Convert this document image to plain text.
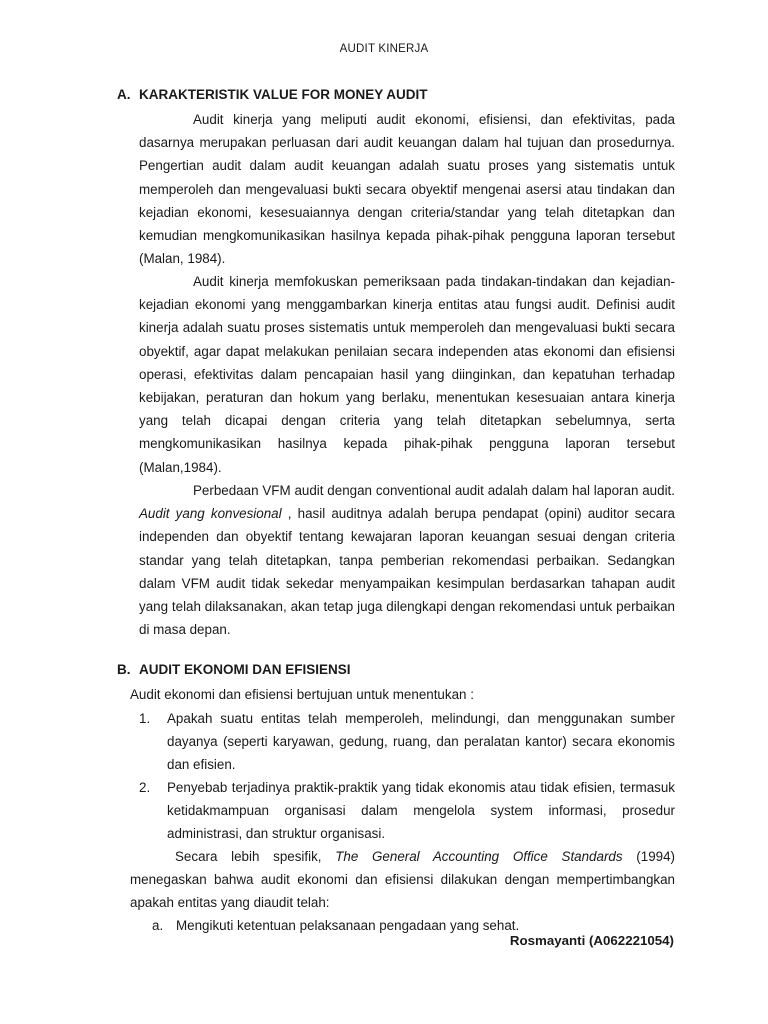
AUDIT KINERJA
A. KARAKTERISTIK VALUE FOR MONEY AUDIT

Audit kinerja yang meliputi audit ekonomi, efisiensi, dan efektivitas, pada dasarnya merupakan perluasan dari audit keuangan dalam hal tujuan dan prosedurnya. Pengertian audit dalam audit keuangan adalah suatu proses yang sistematis untuk memperoleh dan mengevaluasi bukti secara obyektif mengenai asersi atau tindakan dan kejadian ekonomi, kesesuaiannya dengan criteria/standar yang telah ditetapkan dan kemudian mengkomunikasikan hasilnya kepada pihak-pihak pengguna laporan tersebut (Malan, 1984).

Audit kinerja memfokuskan pemeriksaan pada tindakan-tindakan dan kejadian-kejadian ekonomi yang menggambarkan kinerja entitas atau fungsi audit. Definisi audit kinerja adalah suatu proses sistematis untuk memperoleh dan mengevaluasi bukti secara obyektif, agar dapat melakukan penilaian secara independen atas ekonomi dan efisiensi operasi, efektivitas dalam pencapaian hasil yang diinginkan, dan kepatuhan terhadap kebijakan, peraturan dan hokum yang berlaku, menentukan kesesuaian antara kinerja yang telah dicapai dengan criteria yang telah ditetapkan sebelumnya, serta mengkomunikasikan hasilnya kepada pihak-pihak pengguna laporan tersebut (Malan,1984).

Perbedaan VFM audit dengan conventional audit adalah dalam hal laporan audit. Audit yang konvesional , hasil auditnya adalah berupa pendapat (opini) auditor secara independen dan obyektif tentang kewajaran laporan keuangan sesuai dengan criteria standar yang telah ditetapkan, tanpa pemberian rekomendasi perbaikan. Sedangkan dalam VFM audit tidak sekedar menyampaikan kesimpulan berdasarkan tahapan audit yang telah dilaksanakan, akan tetap juga dilengkapi dengan rekomendasi untuk perbaikan di masa depan.

B. AUDIT EKONOMI DAN EFISIENSI
Audit ekonomi dan efisiensi bertujuan untuk menentukan :
1. Apakah suatu entitas telah memperoleh, melindungi, dan menggunakan sumber dayanya (seperti karyawan, gedung, ruang, dan peralatan kantor) secara ekonomis dan efisien.
2. Penyebab terjadinya praktik-praktik yang tidak ekonomis atau tidak efisien, termasuk ketidakmampuan organisasi dalam mengelola system informasi, prosedur administrasi, dan struktur organisasi.

Secara lebih spesifik, The General Accounting Office Standards (1994) menegaskan bahwa audit ekonomi dan efisiensi dilakukan dengan mempertimbangkan apakah entitas yang diaudit telah:

a. Mengikuti ketentuan pelaksanaan pengadaan yang sehat.
Rosmayanti (A062221054)
